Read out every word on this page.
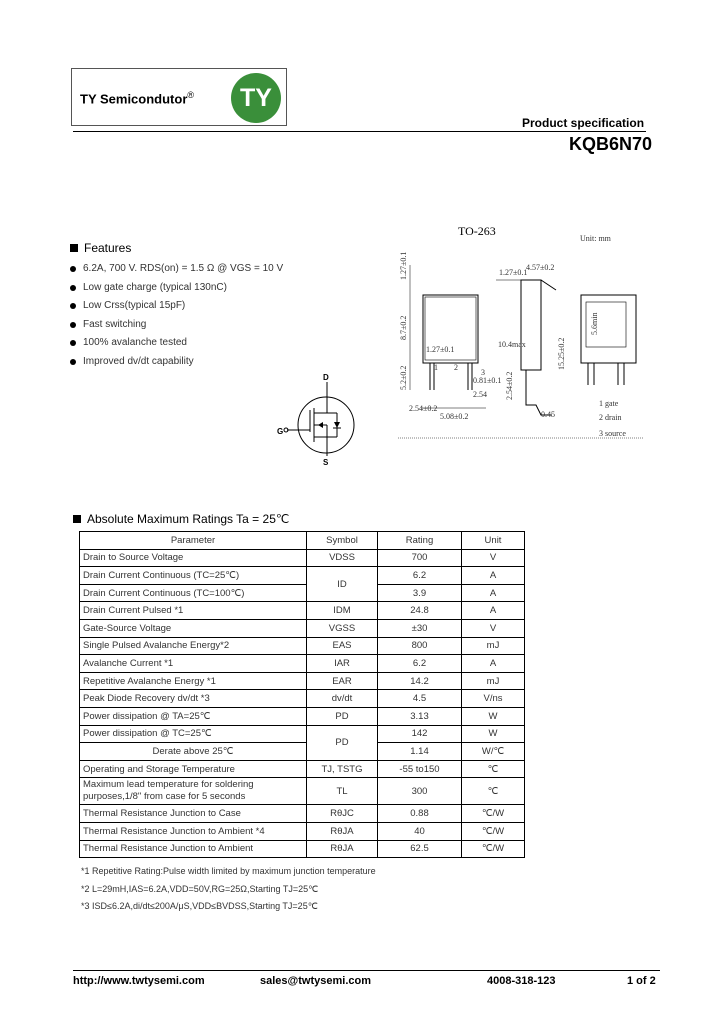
TY Semicondutor®	TY
Product specification
KQB6N70
Features
6.2A, 700 V. RDS(on) = 1.5 Ω @ VGS = 10 V
Low gate charge (typical 130nC)
Low Crss(typical 15pF)
Fast switching
100% avalanche tested
Improved dv/dt capability
D
G
S
TO-263
Unit: mm
1.27±0.1
8.7±0.2
5.2±0.2
1.27±0.1
2.54±0.2
5.08±0.2
1 2
3
0.81±0.1
2.54
1.27±0.1
4.57±0.2
10.4max
2.54±0.2
0.45
15.25±0.2
5.6min
1 gate
2 drain
3 source
Absolute Maximum Ratings Ta = 25℃
Parameter	Symbol	Rating	Unit
Drain to Source Voltage	VDSS	700	V
Drain Current Continuous (TC=25℃)	ID	6.2	A
Drain Current Continuous (TC=100℃)		3.9	A
Drain Current Pulsed *1	IDM	24.8	A
Gate-Source Voltage	VGSS	±30	V
Single Pulsed Avalanche Energy*2	EAS	800	mJ
Avalanche Current *1	IAR	6.2	A
Repetitive Avalanche Energy *1	EAR	14.2	mJ
Peak Diode Recovery dv/dt *3	dv/dt	4.5	V/ns
Power dissipation @ TA=25℃	PD	3.13	W
Power dissipation @ TC=25℃	PD	142	W
Derate above 25℃		1.14	W/℃
Operating and Storage Temperature	TJ, TSTG	-55 to150	℃
Maximum lead temperature for soldering purposes,1/8" from case for 5 seconds	TL	300	℃
Thermal Resistance Junction to Case	RθJC	0.88	℃/W
Thermal Resistance Junction to Ambient *4	RθJA	40	℃/W
Thermal Resistance Junction to Ambient	RθJA	62.5	℃/W
*1 Repetitive Rating:Pulse width limited by maximum junction temperature
*2 L=29mH,IAS=6.2A,VDD=50V,RG=25Ω,Starting TJ=25℃
*3 ISD≤6.2A,di/dt≤200A/μS,VDD≤BVDSS,Starting TJ=25℃
http://www.twtysemi.com	sales@twtysemi.com	4008-318-123	1 of 2
